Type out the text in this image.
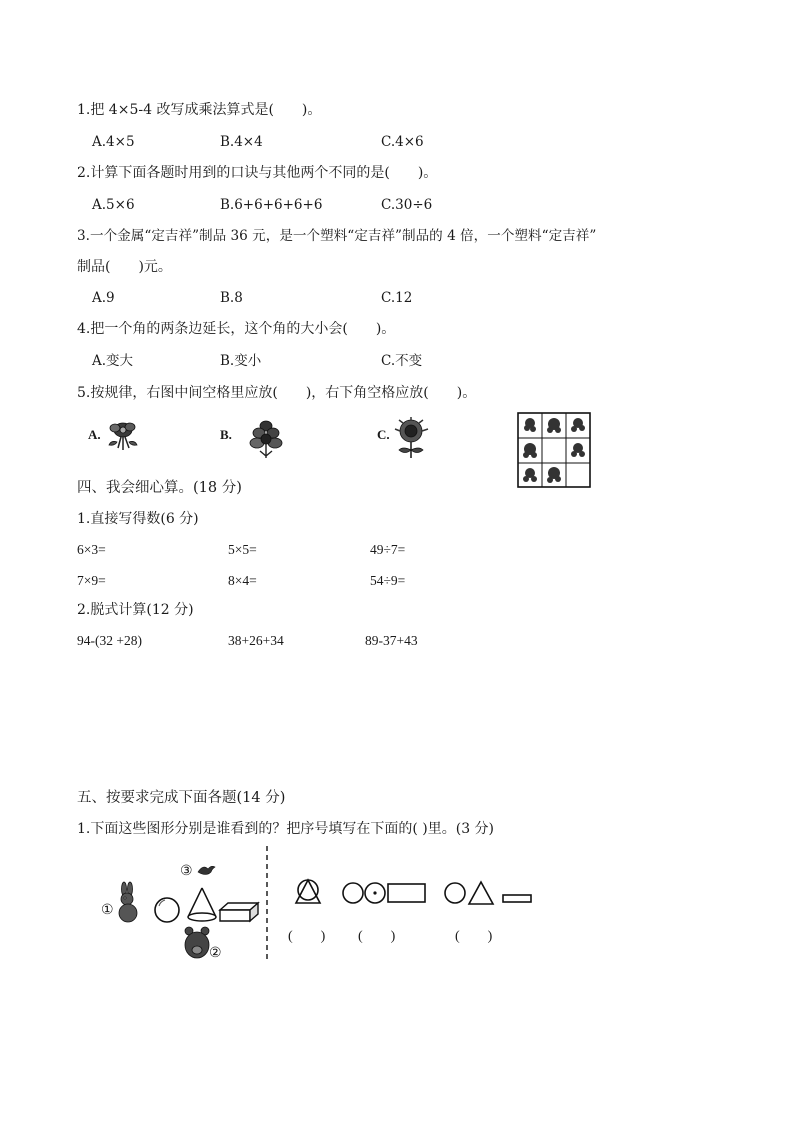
1.把 4×5-4 改写成乘法算式是(　　)。
A.4×5	B.4×4	C.4×6
2.计算下面各题时用到的口诀与其他两个不同的是(　　)。
A.5×6	B.6+6+6+6+6	C.30÷6
3.一个金属“定吉祥”制品 36 元，是一个塑料“定吉祥”制品的 4 倍，一个塑料“定吉祥”
制品(　　)元。
A.9	B.8	C.12
4.把一个角的两条边延长，这个角的大小会(　　)。
A.变大	B.变小	C.不变
5.按规律，右图中间空格里应放(　　)，右下角空格应放(　　)。
A.	B.	C.
四、我会细心算。(18 分)
1.直接写得数(6 分)
6×3=	5×5=	49÷7=
7×9=	8×4=	54÷9=
2.脱式计算(12 分)
94-(32 +28)	38+26+34	89-37+43
五、按要求完成下面各题(14 分)
1.下面这些图形分别是谁看到的？把序号填写在下面的( )里。(3 分)
③
①
②
(　　) (　　)	(　　)
